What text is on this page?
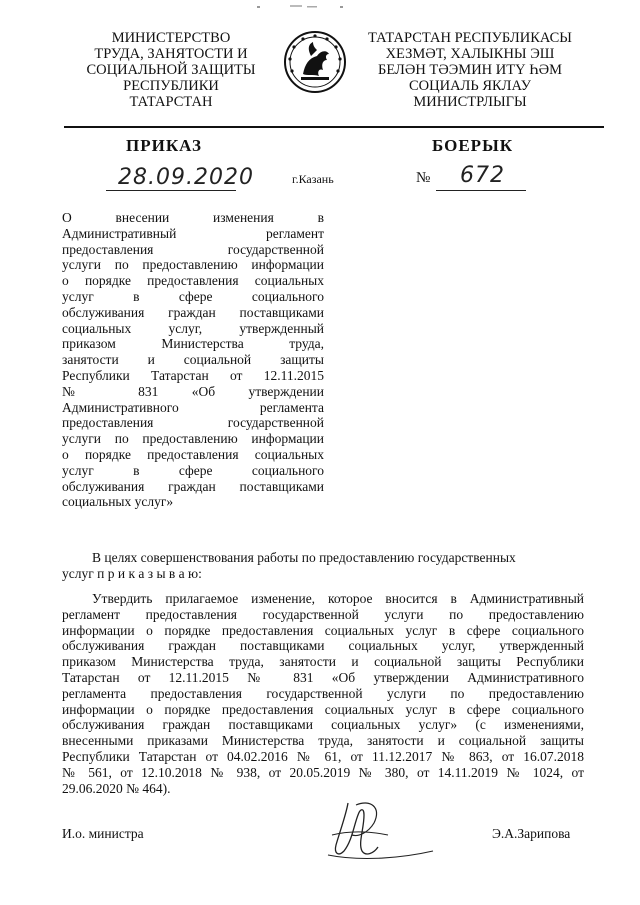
МИНИСТЕРСТВО
ТРУДА, ЗАНЯТОСТИ И
СОЦИАЛЬНОЙ ЗАЩИТЫ
РЕСПУБЛИКИ
ТАТАРСТАН
ТАТАРСТАН РЕСПУБЛИКАСЫ
ХЕЗМӘТ, ХАЛЫКНЫ ЭШ
БЕЛӘН ТӘЭМИН ИТҮ ҺӘМ
СОЦИАЛЬ ЯКЛАУ
МИНИСТРЛЫГЫ
ПРИКАЗ	БОЕРЫК
28.09.2020	г.Казань	№ 672
О внесении изменения в
Административный регламент
предоставления государственной
услуги по предоставлению информации
о порядке предоставления социальных
услуг в сфере социального
обслуживания граждан поставщиками
социальных услуг, утвержденный
приказом Министерства труда,
занятости и социальной защиты
Республики Татарстан от 12.11.2015
№ 831 «Об утверждении
Административного регламента
предоставления государственной
услуги по предоставлению информации
о порядке предоставления социальных
услуг в сфере социального
обслуживания граждан поставщиками
социальных услуг»
В целях совершенствования работы по предоставлению государственных
услуг п р и к а з ы в а ю:
Утвердить прилагаемое изменение, которое вносится в Административный
регламент предоставления государственной услуги по предоставлению
информации о порядке предоставления социальных услуг в сфере социального
обслуживания граждан поставщиками социальных услуг, утвержденный
приказом Министерства труда, занятости и социальной защиты Республики
Татарстан от 12.11.2015 № 831 «Об утверждении Административного
регламента предоставления государственной услуги по предоставлению
информации о порядке предоставления социальных услуг в сфере социального
обслуживания граждан поставщиками социальных услуг» (с изменениями,
внесенными приказами Министерства труда, занятости и социальной защиты
Республики Татарстан от 04.02.2016 № 61, от 11.12.2017 № 863, от 16.07.2018
№ 561, от 12.10.2018 № 938, от 20.05.2019 № 380, от 14.11.2019 № 1024, от
29.06.2020 № 464).
И.о. министра	Э.А.Зарипова
